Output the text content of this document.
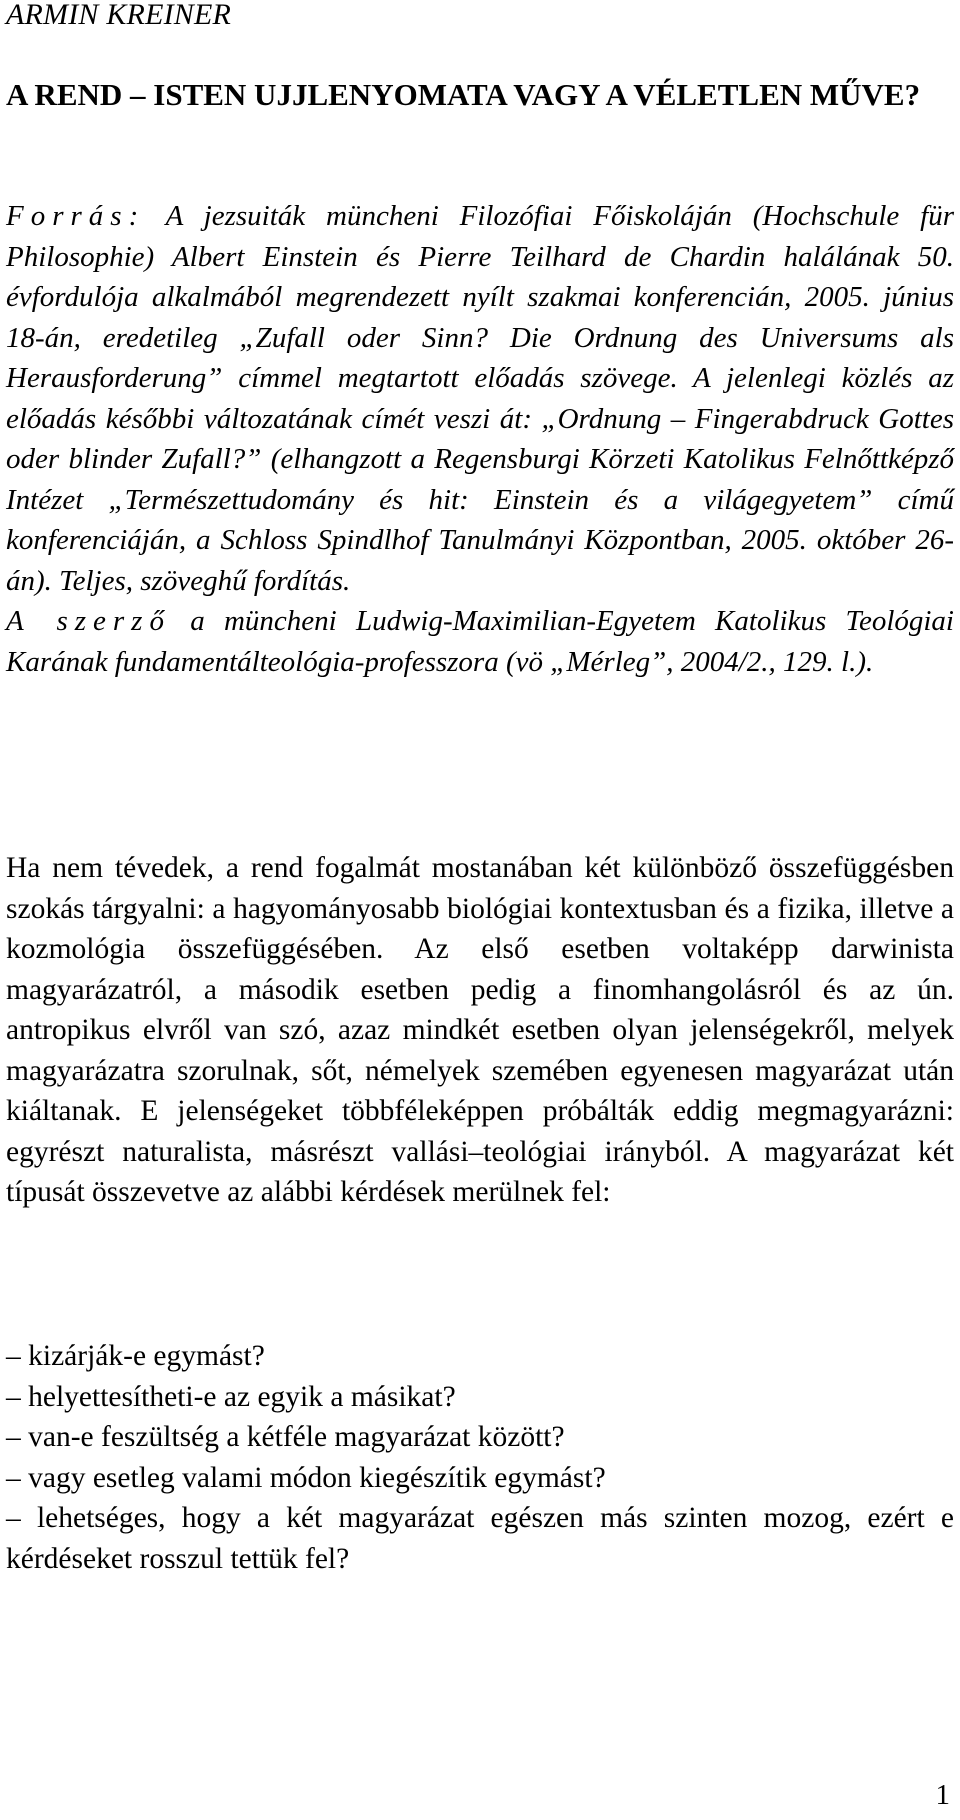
ARMIN KREINER
A REND – ISTEN UJJLENYOMATA VAGY A VÉLETLEN MŰVE?
Forrás: A jezsuiták müncheni Filozófiai Főiskoláján (Hochschule für Philosophie) Albert Einstein és Pierre Teilhard de Chardin halálának 50. évfordulója alkalmából megrendezett nyílt szakmai konferencián, 2005. június 18-án, eredetileg „Zufall oder Sinn? Die Ordnung des Universums als Herausforderung” címmel megtartott előadás szövege. A jelenlegi közlés az előadás későbbi változatának címét veszi át: „Ordnung – Fingerabdruck Gottes oder blinder Zufall?” (elhangzott a Regensburgi Körzeti Katolikus Felnőttképző Intézet „Természettudomány és hit: Einstein és a világegyetem” című konferenciáján, a Schloss Spindlhof Tanulmányi Központban, 2005. október 26-án). Teljes, szöveghű fordítás.
A szerző a müncheni Ludwig-Maximilian-Egyetem Katolikus Teológiai Karának fundamentálteológia-professzora (vö „Mérleg”, 2004/2., 129. l.).
Ha nem tévedek, a rend fogalmát mostanában két különböző összefüggésben szokás tárgyalni: a hagyományosabb biológiai kontextusban és a fizika, illetve a kozmológia összefüggésében. Az első esetben voltaképp darwinista magyarázatról, a második esetben pedig a finomhangolásról és az ún. antropikus elvről van szó, azaz mindkét esetben olyan jelenségekről, melyek magyarázatra szorulnak, sőt, némelyek szemében egyenesen magyarázat után kiáltanak. E jelenségeket többféleképpen próbálták eddig megmagyarázni: egyrészt naturalista, másrészt vallási–teológiai irányból. A magyarázat két típusát összevetve az alábbi kérdések merülnek fel:
– kizárják-e egymást?
– helyettesítheti-e az egyik a másikat?
– van-e feszültség a kétféle magyarázat között?
– vagy esetleg valami módon kiegészítik egymást?
– lehetséges, hogy a két magyarázat egészen más szinten mozog, ezért e kérdéseket rosszul tettük fel?
1
